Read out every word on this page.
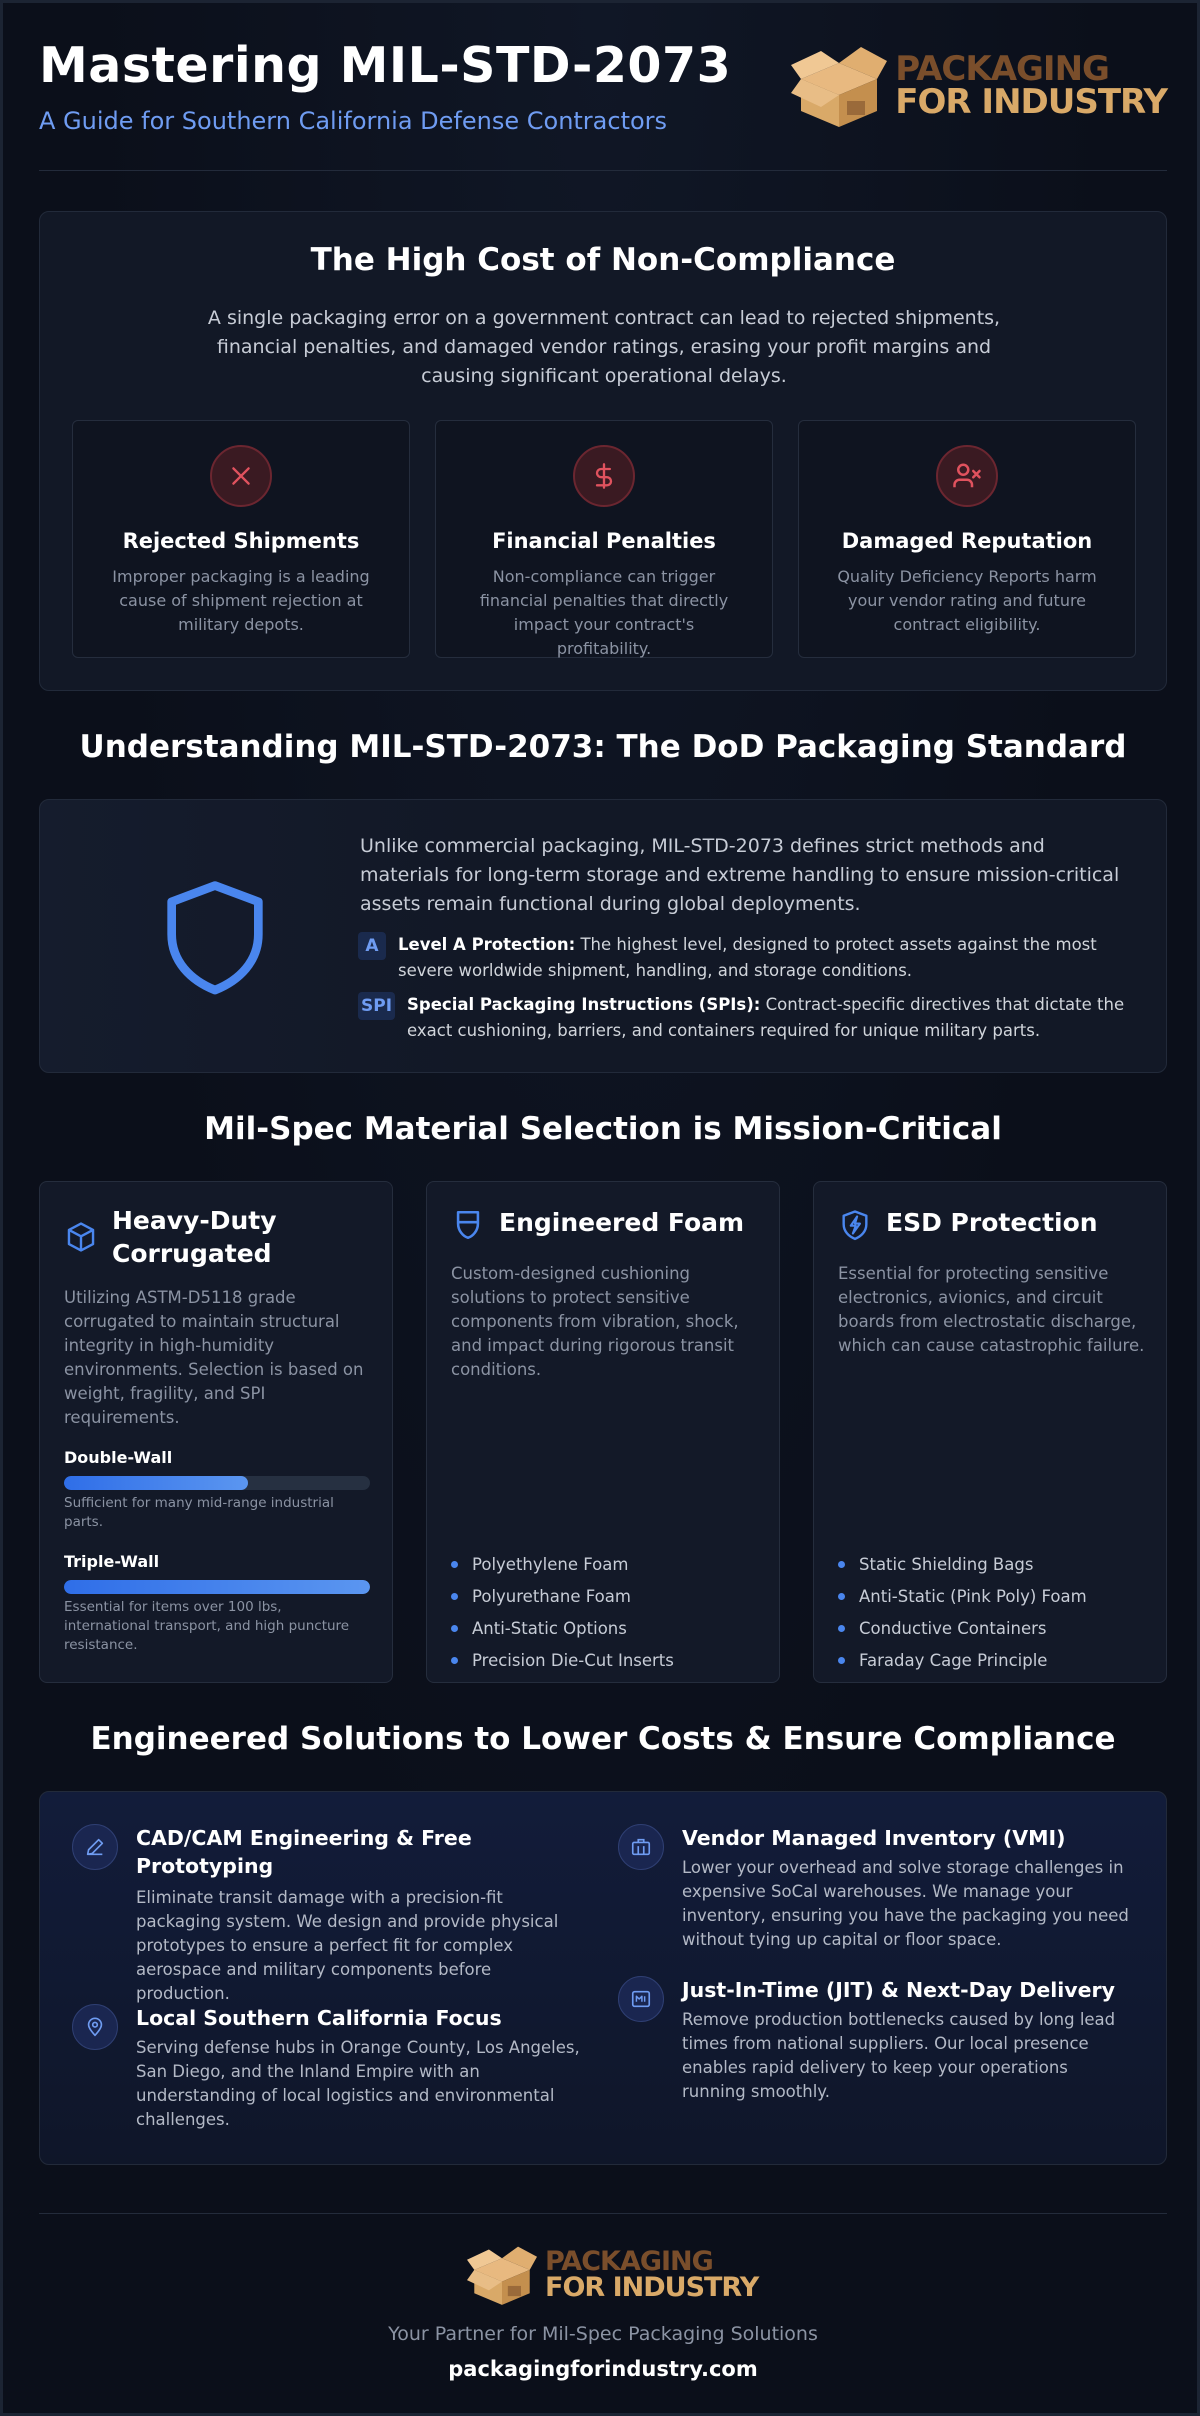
Mastering MIL-STD-2073
A Guide for Southern California Defense Contractors
PACKAGING
FOR INDUSTRY
The High Cost of Non-Compliance
A single packaging error on a government contract can lead to rejected shipments, financial penalties, and damaged vendor ratings, erasing your profit margins and causing significant operational delays.
Rejected Shipments
Improper packaging is a leading cause of shipment rejection at military depots.
Financial Penalties
Non-compliance can trigger financial penalties that directly impact your contract's profitability.
Damaged Reputation
Quality Deficiency Reports harm your vendor rating and future contract eligibility.
Understanding MIL-STD-2073: The DoD Packaging Standard
Unlike commercial packaging, MIL-STD-2073 defines strict methods and materials for long-term storage and extreme handling to ensure mission-critical assets remain functional during global deployments.
A	Level A Protection: The highest level, designed to protect assets against the most severe worldwide shipment, handling, and storage conditions.
SPI Special Packaging Instructions (SPIs): Contract-specific directives that dictate the exact cushioning, barriers, and containers required for unique military parts.
Mil-Spec Material Selection is Mission-Critical
Heavy-Duty Corrugated
Utilizing ASTM-D5118 grade corrugated to maintain structural integrity in high-humidity environments. Selection is based on weight, fragility, and SPI requirements.
Double-Wall
Sufficient for many mid-range industrial parts.
Triple-Wall
Essential for items over 100 lbs, international transport, and high puncture resistance.
Engineered Foam
Custom-designed cushioning solutions to protect sensitive components from vibration, shock, and impact during rigorous transit conditions.
Polyethylene Foam
Polyurethane Foam
Anti-Static Options
Precision Die-Cut Inserts
ESD Protection
Essential for protecting sensitive electronics, avionics, and circuit boards from electrostatic discharge, which can cause catastrophic failure.
Static Shielding Bags
Anti-Static (Pink Poly) Foam
Conductive Containers
Faraday Cage Principle
Engineered Solutions to Lower Costs & Ensure Compliance
CAD/CAM Engineering & Free Prototyping
Eliminate transit damage with a precision-fit packaging system. We design and provide physical prototypes to ensure a perfect fit for complex aerospace and military components before production.
Local Southern California Focus
Serving defense hubs in Orange County, Los Angeles, San Diego, and the Inland Empire with an understanding of local logistics and environmental challenges.
Vendor Managed Inventory (VMI)
Lower your overhead and solve storage challenges in expensive SoCal warehouses. We manage your inventory, ensuring you have the packaging you need without tying up capital or floor space.
Just-In-Time (JIT) & Next-Day Delivery
Remove production bottlenecks caused by long lead times from national suppliers. Our local presence enables rapid delivery to keep your operations running smoothly.
PACKAGING
FOR INDUSTRY
Your Partner for Mil-Spec Packaging Solutions
packagingforindustry.com
